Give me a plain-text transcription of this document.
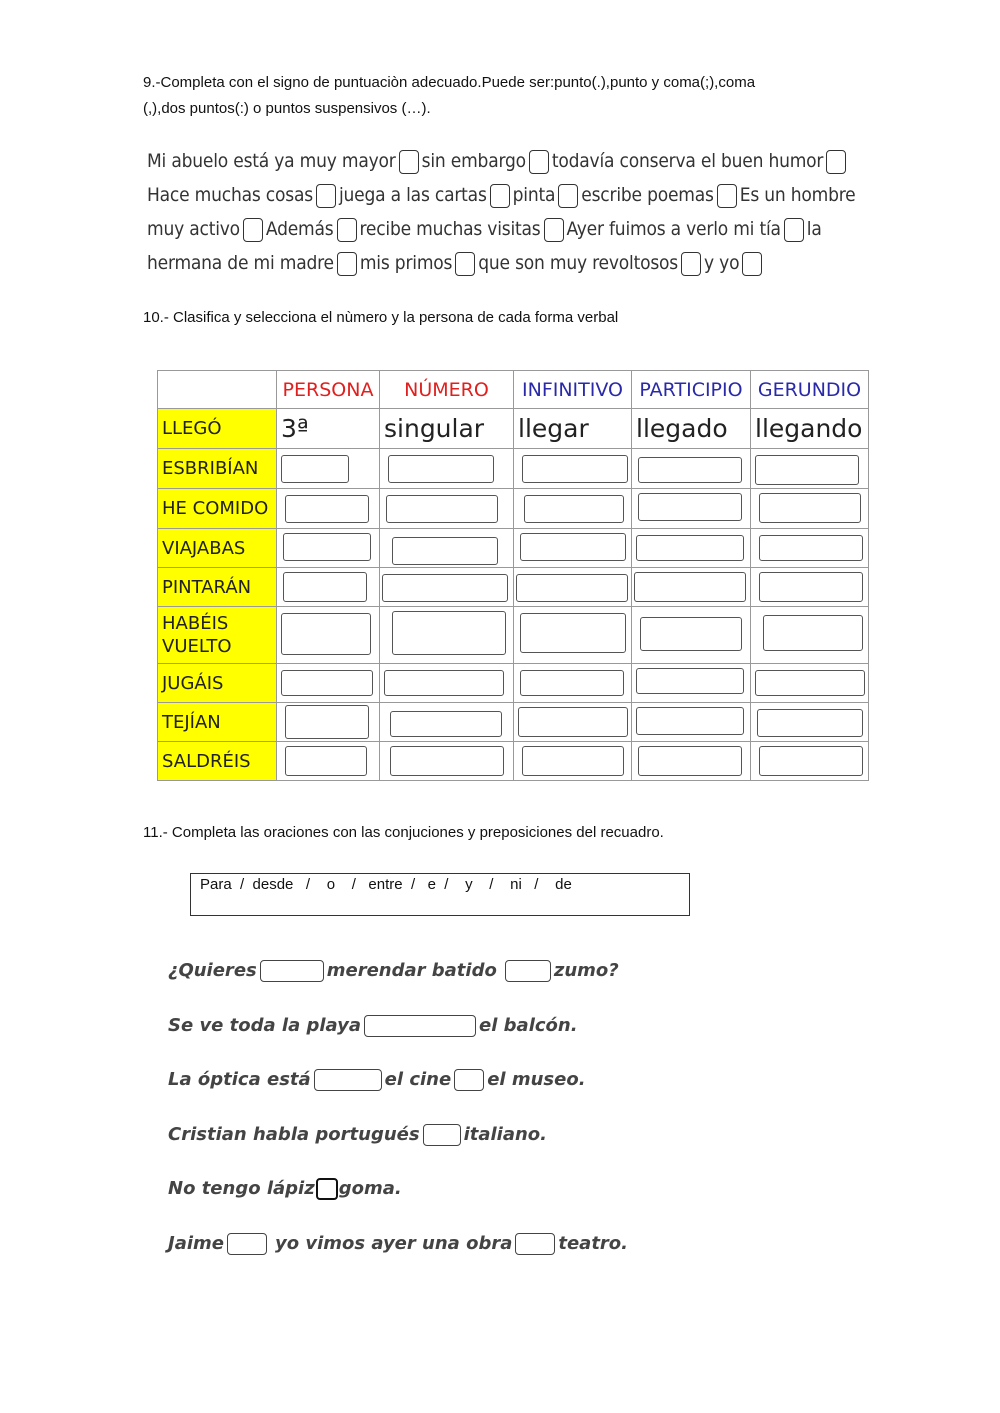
9.-Completa con el signo de puntuaciòn adecuado.Puede ser:punto(.),punto y coma(;),coma
(,),dos puntos(:) o puntos suspensivos (…).
Mi abuelo está ya muy mayor sin embargo todavía conserva el buen humor
Hace muchas cosas juega a las cartas pinta escribe poemas Es un hombre
muy activo Además recibe muchas visitas Ayer fuimos a verlo mi tía la
hermana de mi madre mis primos que son muy revoltosos y yo
10.- Clasifica y selecciona el nùmero y la persona de cada forma verbal
	PERSONA	NÚMERO	INFINITIVO	PARTICIPIO	GERUNDIO
LLEGÓ	3ª	singular	llegar	llegado	llegando
ESBRIBÍAN	

HE COMIDO	

VIAJABAS	

PINTARÁN	

HABÉIS VUELTO	

JUGÁIS	

TEJÍAN	

SALDRÉIS	

11.- Completa las oraciones con las conjuciones y preposiciones del recuadro.
Para  /  desde   /    o    /   entre  /   e  /    y    /    ni   /    de
¿Quieres	merendar batido	zumo?
Se ve toda la playa	el balcón.
La óptica está	el cine el museo.
Cristian habla portugués italiano.
No tengo lápiz goma.
Jaime	yo vimos ayer una obra	teatro.
